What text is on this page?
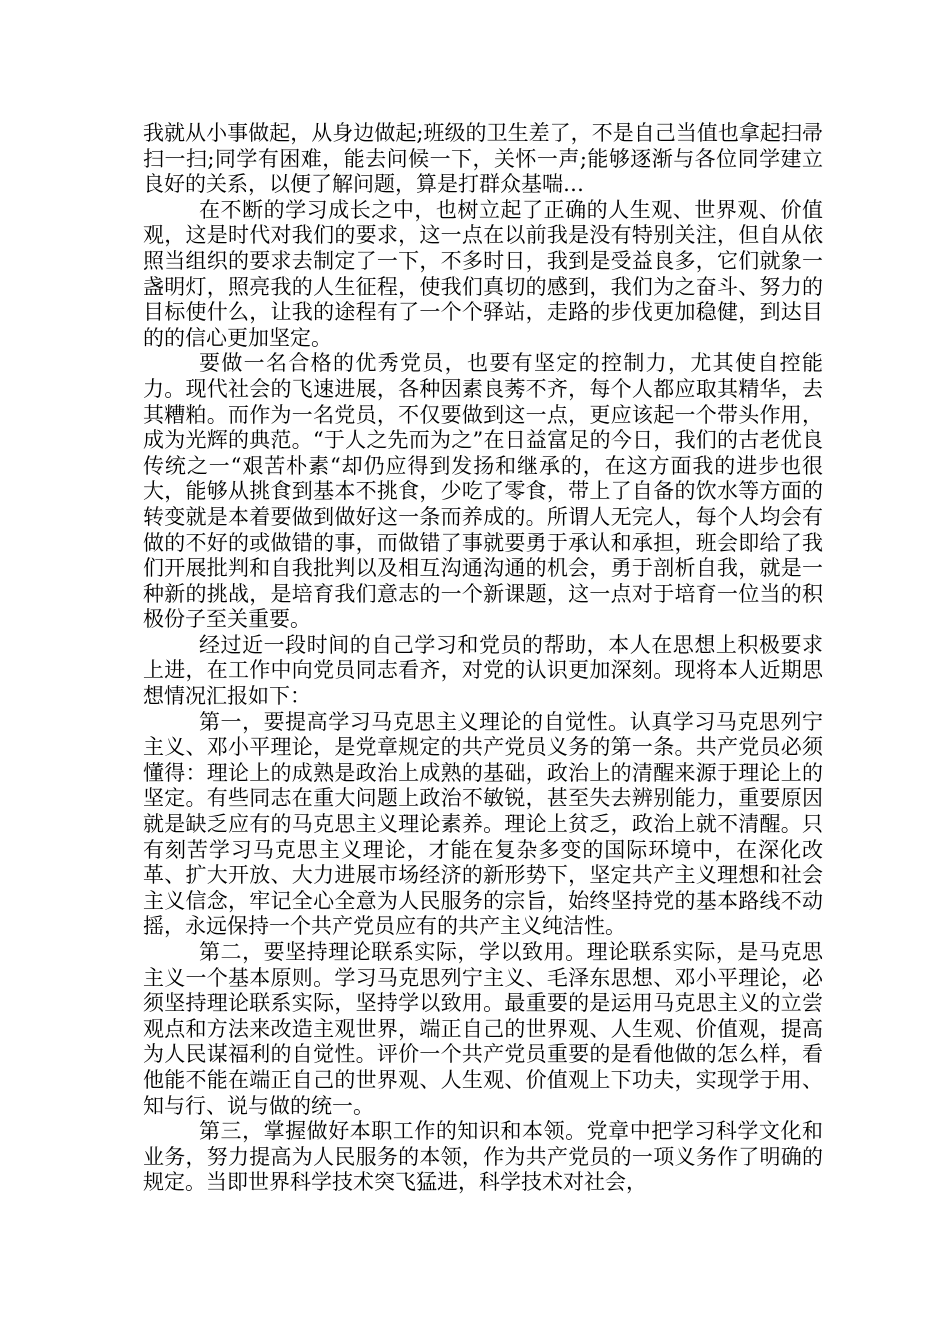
我就从小事做起，从身边做起;班级的卫生差了，不是自己当值也拿起扫帚扫一扫;同学有困难，能去问候一下，关怀一声;能够逐渐与各位同学建立良好的关系，以便了解问题，算是打群众基喘…

在不断的学习成长之中，也树立起了正确的人生观、世界观、价值观，这是时代对我们的要求，这一点在以前我是没有特别关注，但自从依照当组织的要求去制定了一下，不多时日，我到是受益良多，它们就象一盏明灯，照亮我的人生征程，使我们真切的感到，我们为之奋斗、努力的目标使什么，让我的途程有了一个个驿站，走路的步伐更加稳健，到达目的的信心更加坚定。

要做一名合格的优秀党员，也要有坚定的控制力，尤其使自控能力。现代社会的飞速进展，各种因素良莠不齐，每个人都应取其精华，去其糟粕。而作为一名党员，不仅要做到这一点，更应该起一个带头作用，成为光辉的典范。“于人之先而为之”在日益富足的今日，我们的古老优良传统之一“艰苦朴素“却仍应得到发扬和继承的，在这方面我的进步也很大，能够从挑食到基本不挑食，少吃了零食，带上了自备的饮水等方面的转变就是本着要做到做好这一条而养成的。所谓人无完人，每个人均会有做的不好的或做错的事，而做错了事就要勇于承认和承担，班会即给了我们开展批判和自我批判以及相互沟通沟通的机会，勇于剖析自我，就是一种新的挑战，是培育我们意志的一个新课题，这一点对于培育一位当的积极份子至关重要。

经过近一段时间的自己学习和党员的帮助，本人在思想上积极要求上进，在工作中向党员同志看齐，对党的认识更加深刻。现将本人近期思想情况汇报如下：

第一，要提高学习马克思主义理论的自觉性。认真学习马克思列宁主义、邓小平理论，是党章规定的共产党员义务的第一条。共产党员必须懂得：理论上的成熟是政治上成熟的基础，政治上的清醒来源于理论上的坚定。有些同志在重大问题上政治不敏锐，甚至失去辨别能力，重要原因就是缺乏应有的马克思主义理论素养。理论上贫乏，政治上就不清醒。只有刻苦学习马克思主义理论，才能在复杂多变的国际环境中，在深化改革、扩大开放、大力进展市场经济的新形势下，坚定共产主义理想和社会主义信念，牢记全心全意为人民服务的宗旨，始终坚持党的基本路线不动摇，永远保持一个共产党员应有的共产主义纯洁性。

第二，要坚持理论联系实际，学以致用。理论联系实际，是马克思主义一个基本原则。学习马克思列宁主义、毛泽东思想、邓小平理论，必须坚持理论联系实际，坚持学以致用。最重要的是运用马克思主义的立尝观点和方法来改造主观世界，端正自己的世界观、人生观、价值观，提高为人民谋福利的自觉性。评价一个共产党员重要的是看他做的怎么样，看他能不能在端正自己的世界观、人生观、价值观上下功夫，实现学于用、知与行、说与做的统一。

第三，掌握做好本职工作的知识和本领。党章中把学习科学文化和业务，努力提高为人民服务的本领，作为共产党员的一项义务作了明确的规定。当即世界科学技术突飞猛进，科学技术对社会，
